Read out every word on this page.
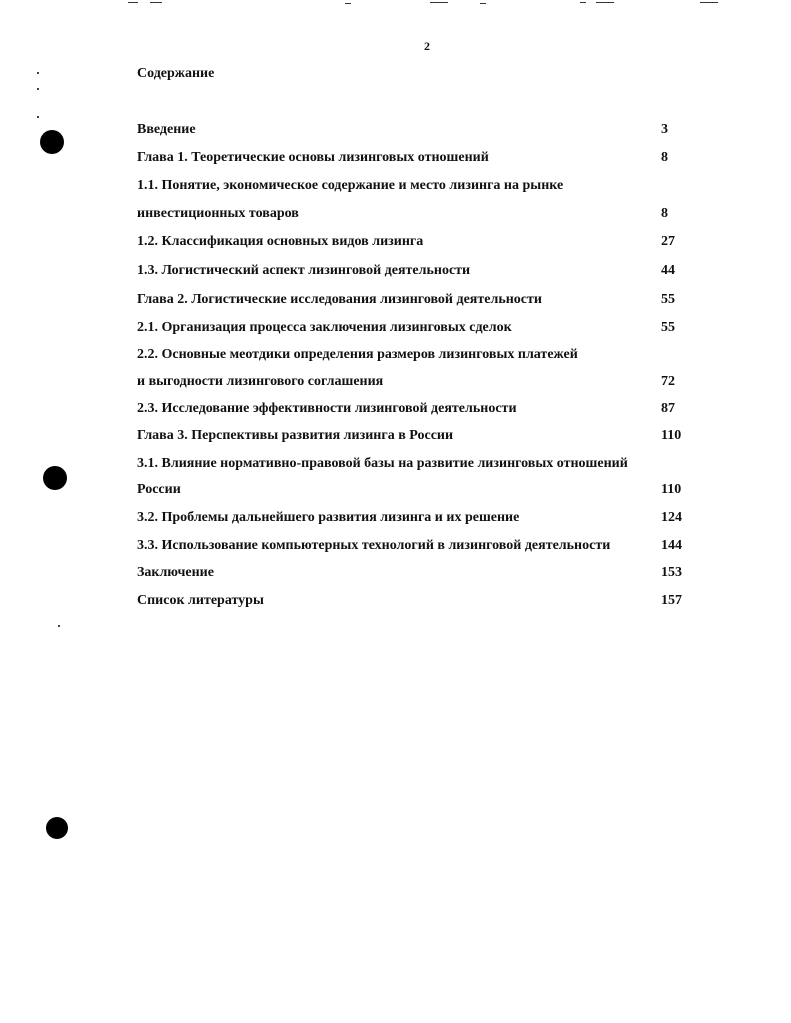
2
Содержание
Введение	3
Глава 1. Теоретические основы лизинговых отношений	8
1.1. Понятие, экономическое содержание и место лизинга на рынке
инвестиционных товаров	8
1.2. Классификация основных видов лизинга	27
1.3. Логистический аспект лизинговой деятельности	44
Глава 2. Логистические исследования лизинговой деятельности	55
2.1. Организация процесса заключения лизинговых сделок	55
2.2. Основные меотдики определения размеров лизинговых платежей
и выгодности лизингового соглашения	72
2.3. Исследование эффективности лизинговой деятельности	87
Глава 3. Перспективы развития лизинга в России	110
3.1. Влияние нормативно-правовой базы на развитие лизинговых отношений
России	110
3.2. Проблемы дальнейшего развития лизинга и их решение	124
3.3. Использование компьютерных технологий в лизинговой деятельности	144
Заключение	153
Список литературы	157
